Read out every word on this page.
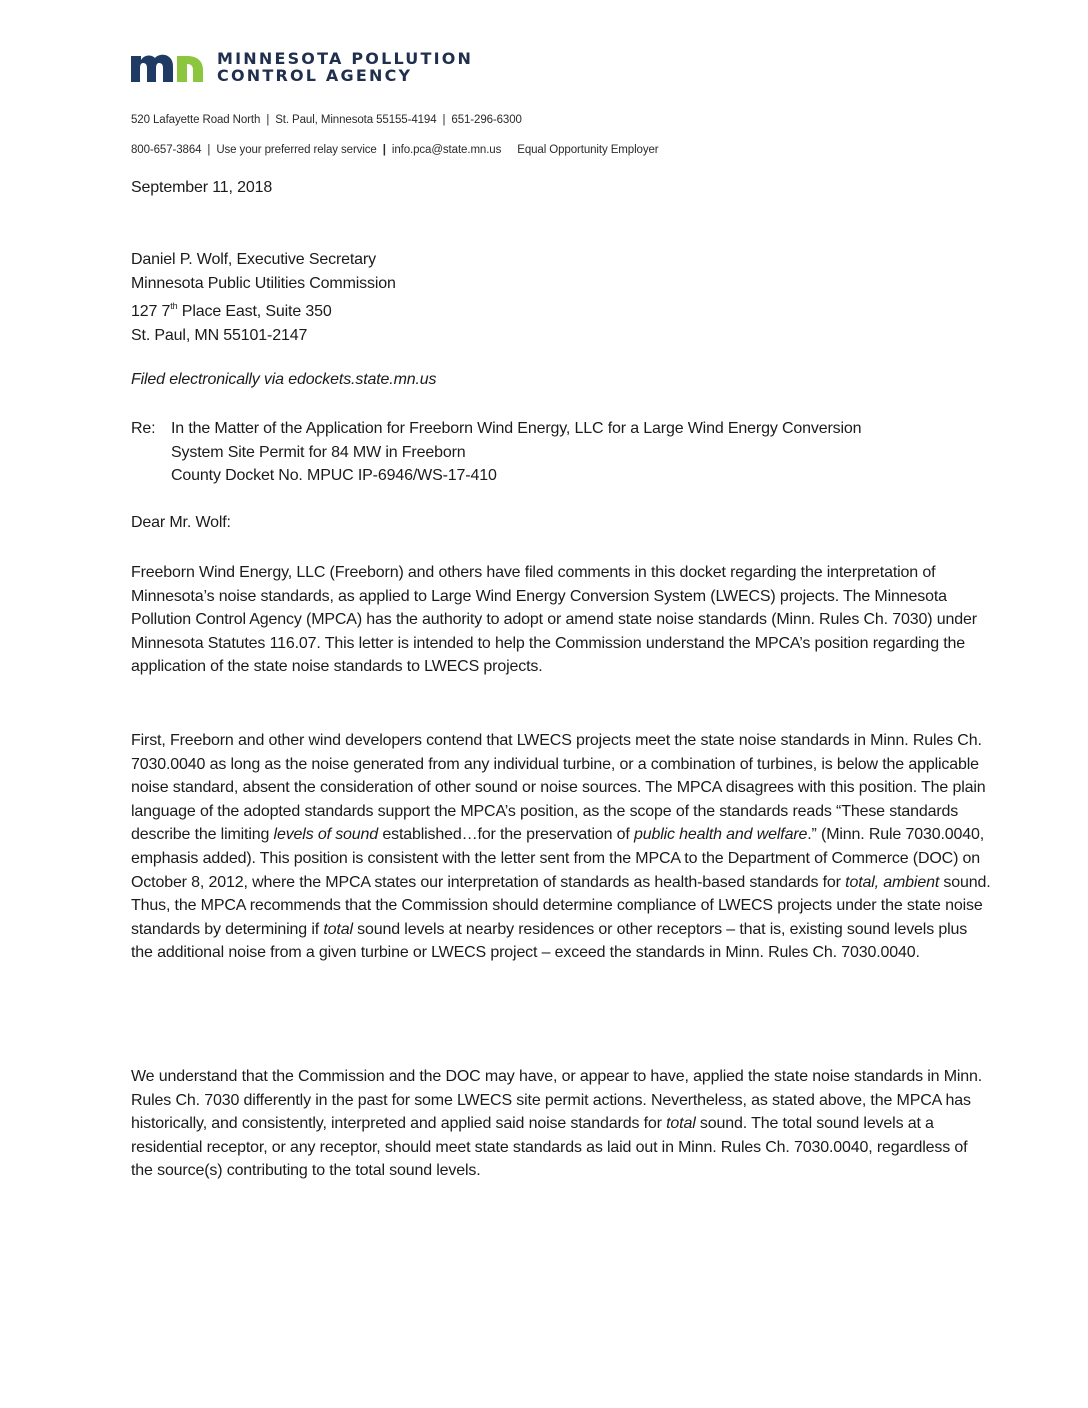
MINNESOTA POLLUTION
CONTROL AGENCY
520 Lafayette Road North | St. Paul, Minnesota 55155-4194 | 651-296-6300
800-657-3864 | Use your preferred relay service | info.pca@state.mn.us Equal Opportunity Employer
September 11, 2018
Daniel P. Wolf, Executive Secretary
Minnesota Public Utilities Commission
127 7th Place East, Suite 350
St. Paul, MN 55101-2147
Filed electronically via edockets.state.mn.us
Re: In the Matter of the Application for Freeborn Wind Energy, LLC for a Large Wind Energy Conversion
System Site Permit for 84 MW in Freeborn
County Docket No. MPUC IP-6946/WS-17-410
Dear Mr. Wolf:
Freeborn Wind Energy, LLC (Freeborn) and others have filed comments in this docket regarding the interpretation of Minnesota’s noise standards, as applied to Large Wind Energy Conversion System (LWECS) projects. The Minnesota Pollution Control Agency (MPCA) has the authority to adopt or amend state noise standards (Minn. Rules Ch. 7030) under Minnesota Statutes 116.07. This letter is intended to help the Commission understand the MPCA’s position regarding the application of the state noise standards to LWECS projects.
First, Freeborn and other wind developers contend that LWECS projects meet the state noise standards in Minn. Rules Ch. 7030.0040 as long as the noise generated from any individual turbine, or a combination of turbines, is below the applicable noise standard, absent the consideration of other sound or noise sources. The MPCA disagrees with this position. The plain language of the adopted standards support the MPCA’s position, as the scope of the standards reads “These standards describe the limiting levels of sound established…for the preservation of public health and welfare.” (Minn. Rule 7030.0040, emphasis added). This position is consistent with the letter sent from the MPCA to the Department of Commerce (DOC) on October 8, 2012, where the MPCA states our interpretation of standards as health-based standards for total, ambient sound. Thus, the MPCA recommends that the Commission should determine compliance of LWECS projects under the state noise standards by determining if total sound levels at nearby residences or other receptors – that is, existing sound levels plus the additional noise from a given turbine or LWECS project – exceed the standards in Minn. Rules Ch. 7030.0040.
We understand that the Commission and the DOC may have, or appear to have, applied the state noise standards in Minn. Rules Ch. 7030 differently in the past for some LWECS site permit actions. Nevertheless, as stated above, the MPCA has historically, and consistently, interpreted and applied said noise standards for total sound. The total sound levels at a residential receptor, or any receptor, should meet state standards as laid out in Minn. Rules Ch. 7030.0040, regardless of the source(s) contributing to the total sound levels.
